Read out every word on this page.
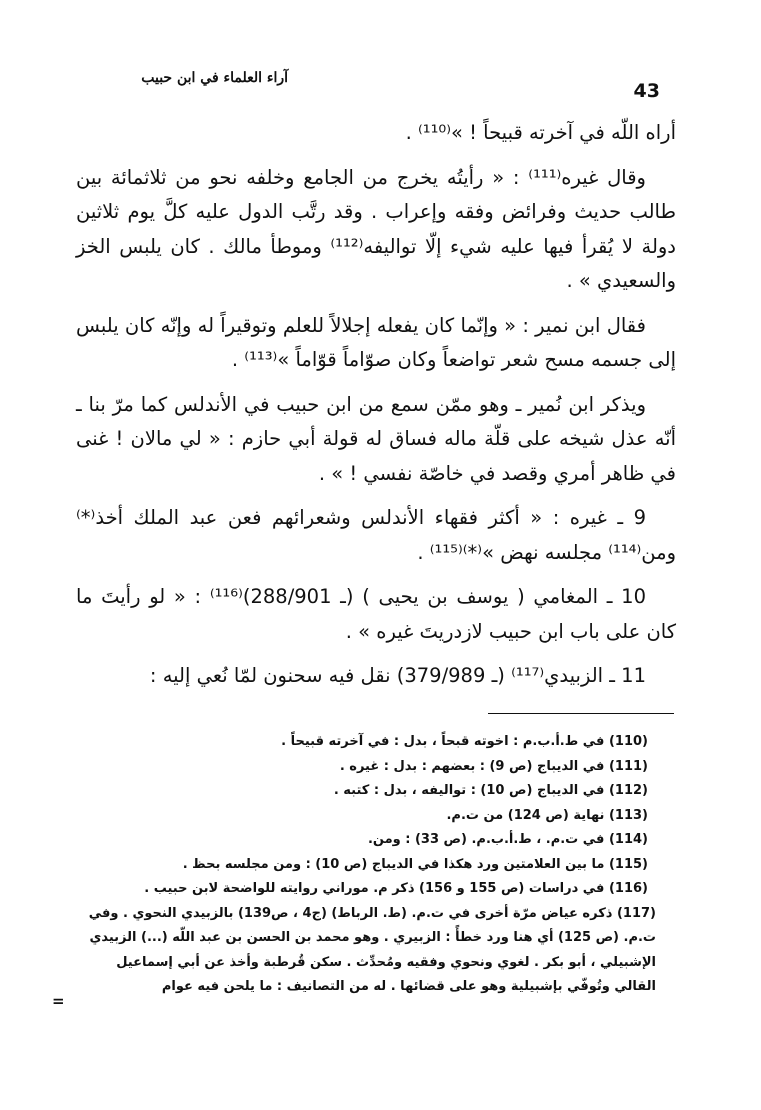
آراء العلماء في ابن حبيب
43

أراه اللّه في آخرته قبيحاً ! »⁽¹¹⁰⁾ .

وقال غيره⁽¹¹¹⁾ : « رأيتُه يخرج من الجامع وخلفه نحو من ثلاثمائة بين طالب حديث وفرائض وفقه وإعراب . وقد رتَّب الدول عليه كلَّ يوم ثلاثين دولة لا يُقرأ فيها عليه شيء إلّا تواليفه⁽¹¹²⁾ وموطأ مالك . كان يلبس الخز والسعيدي » .

فقال ابن نمير : « وإنّما كان يفعله إجلالاً للعلم وتوقيراً له وإنّه كان يلبس إلى جسمه مسح شعر تواضعاً وكان صوّاماً قوّاماً »⁽¹¹³⁾ .

ويذكر ابن نُمير ـ وهو ممّن سمع من ابن حبيب في الأندلس كما مرّ بنا ـ أنّه عذل شيخه على قلّة ماله فساق له قولة أبي حازم : « لي مالان ! غنى في ظاهر أمري وقصد في خاصّة نفسي ! » .

9 ـ غيره : « أكثر فقهاء الأندلس وشعرائهم فعن عبد الملك أخذ⁽*⁾ ومن⁽¹¹⁴⁾ مجلسه نهض »⁽*⁾⁽¹¹⁵⁾ .

10 ـ المغامي ( يوسف بن يحيى ) (ـ 288/901)⁽¹¹⁶⁾ : « لو رأيتَ ما كان على باب ابن حبيب لازدريتَ غيره » .

11 ـ الزبيدي⁽¹¹⁷⁾ (ـ 379/989) نقل فيه سحنون لمّا نُعي إليه :

(110) في ط.أ.ب.م : اخوته قبحاً ، بدل : في آخرته قبيحاً .

(111) في الديباج (ص 9) : بعضهم : بدل : غيره .

(112) في الديباج (ص 10) : تواليفه ، بدل : كتبه .

(113) نهاية (ص 124) من ت.م.

(114) في ت.م. ، ط.أ.ب.م. (ص 33) : ومن.

(115) ما بين العلامتين ورد هكذا في الديباج (ص 10) : ومن مجلسه بحظ .

(116) في دراسات (ص 155 و 156) ذكر م. موراني روايته للواضحة لابن حبيب .

(117) ذكره عياض مرّة أخرى في ت.م. (ط. الرباط) (ج4 ، ص139) بالزبيدي النحوي . وفي ت.م. (ص 125) أي هنا ورد خطأً : الزبيري . وهو محمد بن الحسن بن عبد اللّه (...) الزبيدي الإشبيلي ، أبو بكر . لغوي ونحوي وفقيه ومُحدِّث . سكن قُرطبة وأخذ عن أبي إسماعيل القالي وتُوفّي بإشبيلية وهو على قضائها . له من التصانيف : ما يلحن فيه عوام

=
